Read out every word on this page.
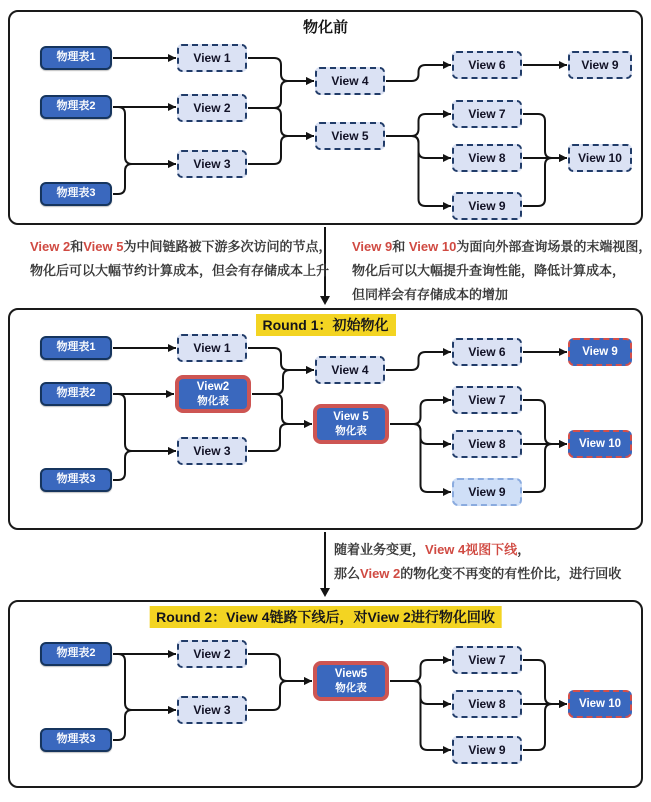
物化前
物理表1
物理表2
物理表3
View 1
View 2
View 3
View 4
View 5
View 6
View 7
View 8
View 9
View 9
View 10
Round 1：初始物化
物理表1
物理表2
物理表3
View 1
View2
物化表
View 3
View 4
View 5
物化表
View 6
View 7
View 8
View 9
View 9
View 10
Round 2：View 4链路下线后，对View 2进行物化回收
物理表2
物理表3
View 2
View 3
View5
物化表
View 7
View 8
View 9
View 10
View 2和View 5为中间链路被下游多次访问的节点，
物化后可以大幅节约计算成本，但会有存储成本上升
View 9和 View 10为面向外部查询场景的末端视图，
物化后可以大幅提升查询性能，降低计算成本，
但同样会有存储成本的增加
随着业务变更，View 4视图下线，
那么View 2的物化变不再变的有性价比，进行回收
